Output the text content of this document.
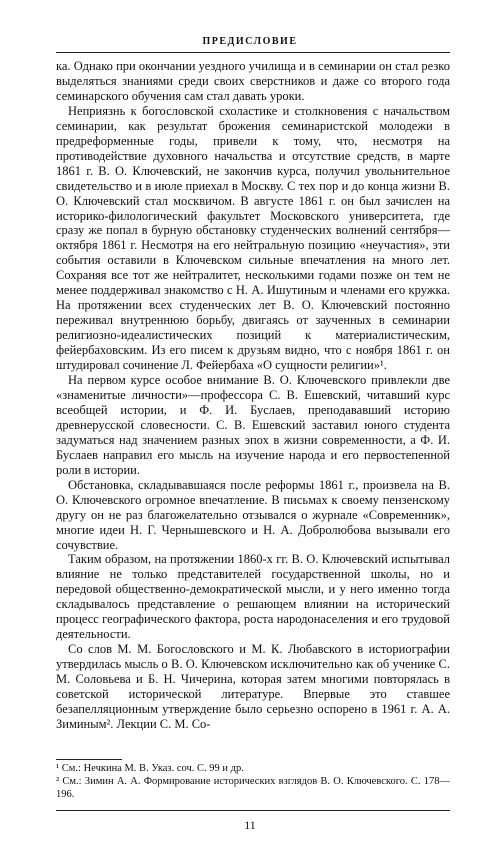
ПРЕДИСЛОВИЕ

ка. Однако при окончании уездного училища и в семинарии он стал резко выделяться знаниями среди своих сверстников и даже со второго года семинарского обучения сам стал давать уроки.

Неприязнь к богословской схоластике и столкновения с начальством семинарии, как результат брожения семинаристской молодежи в предреформенные годы, привели к тому, что, несмотря на противодействие духовного начальства и отсутствие средств, в марте 1861 г. В. О. Ключевский, не закончив курса, получил увольнительное свидетельство и в июле приехал в Москву. С тех пор и до конца жизни В. О. Ключевский стал москвичом. В августе 1861 г. он был зачислен на историко-филологический факультет Московского университета, где сразу же попал в бурную обстановку студенческих волнений сентября—октября 1861 г. Несмотря на его нейтральную позицию «неучастия», эти события оставили в Ключевском сильные впечатления на много лет. Сохраняя все тот же нейтралитет, несколькими годами позже он тем не менее поддерживал знакомство с Н. А. Ишутиным и членами его кружка. На протяжении всех студенческих лет В. О. Ключевский постоянно переживал внутреннюю борьбу, двигаясь от заученных в семинарии религиозно-идеалистических позиций к материалистическим, фейербаховским. Из его писем к друзьям видно, что с ноября 1861 г. он штудировал сочинение Л. Фейербаха «О сущности религии»¹.

На первом курсе особое внимание В. О. Ключевского привлекли две «знаменитые личности»—профессора С. В. Ешевский, читавший курс всеобщей истории, и Ф. И. Буслаев, преподававший историю древнерусской словесности. С. В. Ешевский заставил юного студента задуматься над значением разных эпох в жизни современности, а Ф. И. Буслаев направил его мысль на изучение народа и его первостепенной роли в истории.

Обстановка, складывавшаяся после реформы 1861 г., произвела на В. О. Ключевского огромное впечатление. В письмах к своему пензенскому другу он не раз благожелательно отзывался о журнале «Современник», многие идеи Н. Г. Чернышевского и Н. А. Добролюбова вызывали его сочувствие.

Таким образом, на протяжении 1860-х гг. В. О. Ключевский испытывал влияние не только представителей государственной школы, но и передовой общественно-демократической мысли, и у него именно тогда складывалось представление о решающем влиянии на исторический процесс географического фактора, роста народонаселения и его трудовой деятельности.

Со слов М. М. Богословского и М. К. Любавского в историографии утвердилась мысль о В. О. Ключевском исключительно как об ученике С. М. Соловьева и Б. Н. Чичерина, которая затем многими повторялась в советской исторической литературе. Впервые это ставшее безапелляционным утверждение было серьезно оспорено в 1961 г. А. А. Зиминым². Лекции С. М. Со-

¹ См.: Нечкина М. В. Указ. соч. С. 99 и др.

² См.: Зимин А. А. Формирование исторических взглядов В. О. Ключевского. С. 178—196.

11
